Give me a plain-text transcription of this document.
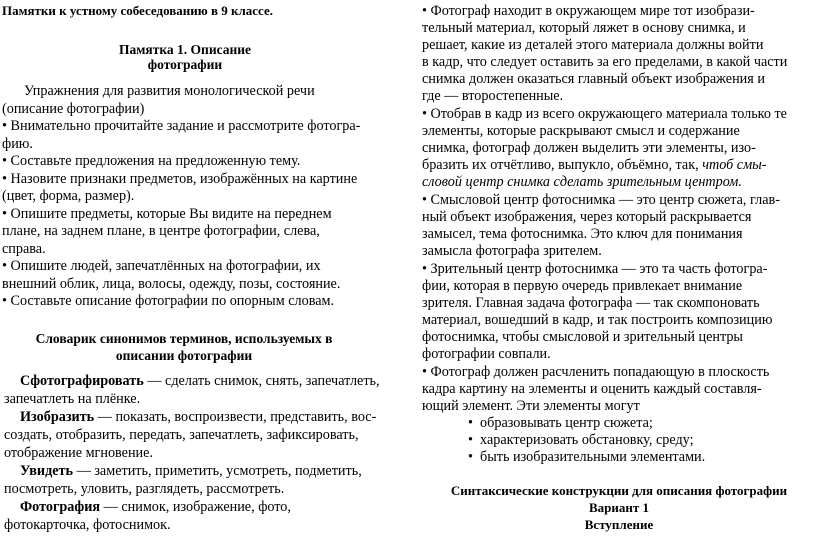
Памятки к устному собеседованию в 9 классе.
Памятка 1. Описание
фотографии
Упражнения для развития монологической речи
(описание фотографии)
• Внимательно прочитайте задание и рассмотрите фотогра-
фию.
• Составьте предложения на предложенную тему.
• Назовите признаки предметов, изображённых на картине
(цвет, форма, размер).
• Опишите предметы, которые Вы видите на переднем
плане, на заднем плане, в центре фотографии, слева,
справа.
• Опишите людей, запечатлённых на фотографии, их
внешний облик, лица, волосы, одежду, позы, состояние.
• Составьте описание фотографии по опорным словам.
Словарик синонимов терминов, используемых в
описании фотографии
Сфотографировать — сделать снимок, снять, запечатлеть,
запечатлеть на плёнке.
Изобразить — показать, воспроизвести, представить, вос-
создать, отобразить, передать, запечатлеть, зафиксировать,
отображение мгновение.
Увидеть — заметить, приметить, усмотреть, подметить,
посмотреть, уловить, разглядеть, рассмотреть.
Фотография — снимок, изображение, фото,
фотокарточка, фотоснимок.
• Фотограф находит в окружающем мире тот изобрази-
тельный материал, который ляжет в основу снимка, и
решает, какие из деталей этого материала должны войти
в кадр, что следует оставить за его пределами, в какой части
снимка должен оказаться главный объект изображения и
где — второстепенные.
• Отобрав в кадр из всего окружающего материала только те
элементы, которые раскрывают смысл и содержание
снимка, фотограф должен выделить эти элементы, изо-
бразить их отчётливо, выпукло, объёмно, так, чтоб смы-
словой центр снимка сделать зрительным центром.
• Смысловой центр фотоснимка — это центр сюжета, глав-
ный объект изображения, через который раскрывается
замысел, тема фотоснимка. Это ключ для понимания
замысла фотографа зрителем.
• Зрительный центр фотоснимка — это та часть фотогра-
фии, которая в первую очередь привлекает внимание
зрителя. Главная задача фотографа — так скомпоновать
материал, вошедший в кадр, и так построить композицию
фотоснимка, чтобы смысловой и зрительный центры
фотографии совпали.
• Фотограф должен расчленить попадающую в плоскость
кадра картину на элементы и оценить каждый составля-
ющий элемент. Эти элементы могут
•  образовывать центр сюжета;
•  характеризовать обстановку, среду;
•  быть изобразительными элементами.
Синтаксические конструкции для описания фотографии
Вариант 1
Вступление
